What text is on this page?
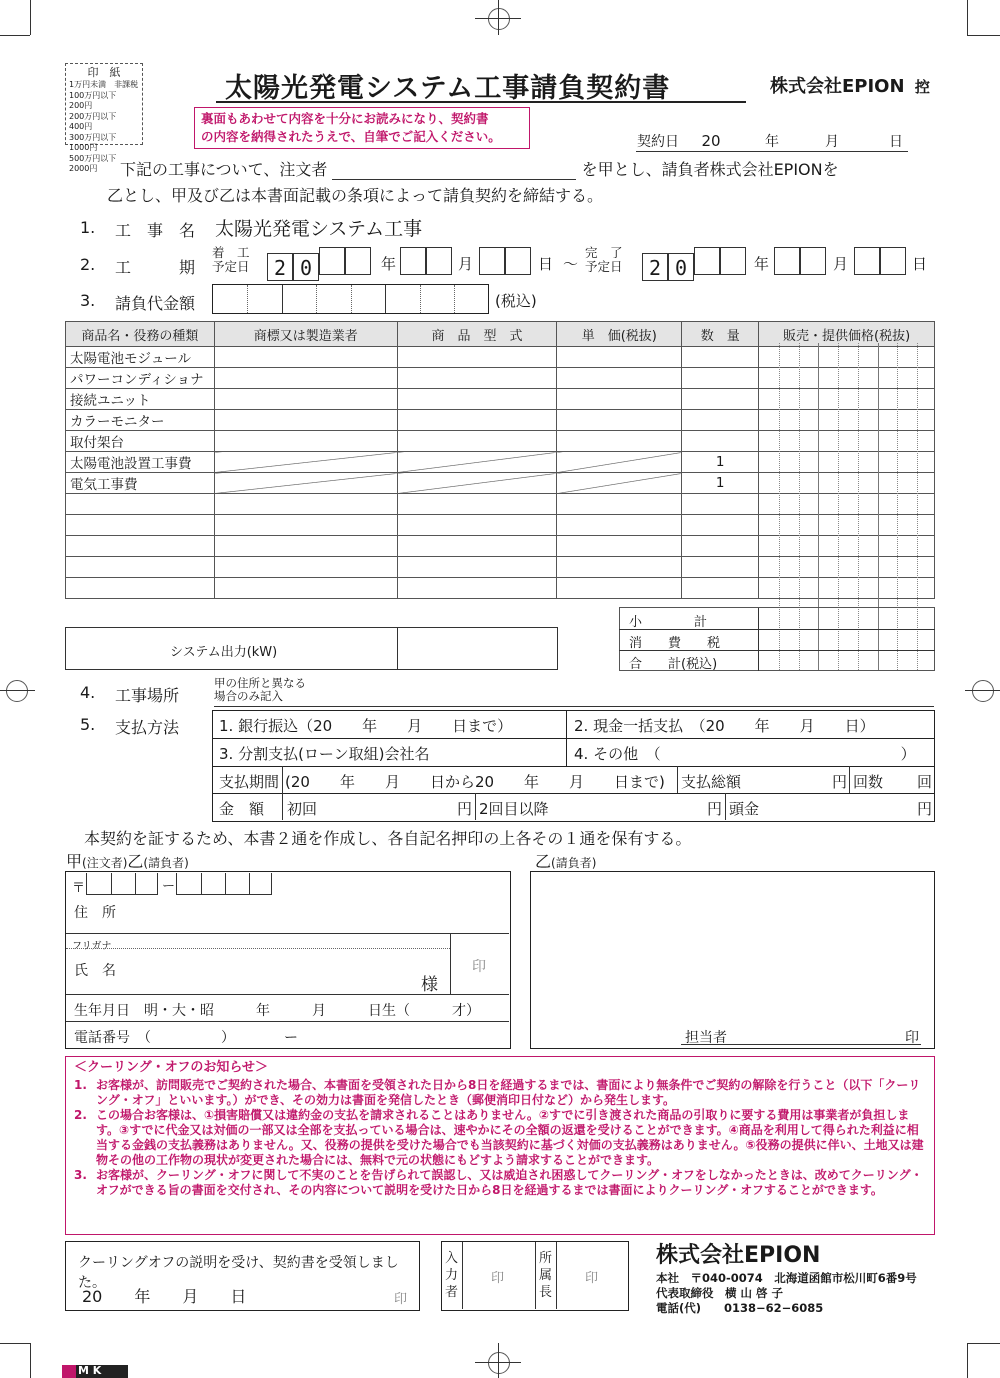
印　紙
1万円未満　非課税
100万円以下　200円
200万円以下　400円
300万円以下　1000円
500万円以下　2000円
太陽光発電システム工事請負契約書	株式会社EPION 控
裏面もあわせて内容を十分にお読みになり、契約書
の内容を納得されたうえで、自筆でご記入ください。	契約日 20	年	月	日
下記の工事について、注文者	を甲とし、請負者株式会社EPIONを
乙とし、甲及び乙は本書面記載の条項によって請負契約を締結する。
1. 工　事　名 太陽光発電システム工事
2. 工　　　期
着　工
予定日	2 0	年	月	日 ～
完　了
予定日	2 0	年	月	日
3. 請負代金額	(税込)
商品名・役務の種類	商標又は製造業者	商　品　型　式	単　価(税抜)	数　量	販売・提供価格(税抜)
太陽電池モジュール					
パワーコンディショナ					
接続ユニット					
カラーモニター					
取付架台					
太陽電池設置工事費				1	
電気工事費				1	

小　　　　計
消　　費　　税
合　　計(税込)
システム出力(kW)
4. 工事場所
甲の住所と異なる
場合のみ記入
5. 支払方法	1. 銀行振込（20　　年　　月　　日まで）	2. 現金一括支払　（20　　年　　月　　日）
3. 分割支払(ローン取組)会社名	4. その他　（　　　　　　　　　　　　　　　　）
支払期間 (20　　年　　月　　日から20　　年　　月　　日まで) 支払総額	円 回数 回
金　額 初回	円 2回目以降	円 頭金	円
本契約を証するため、本書２通を作成し、各自記名押印の上各その１通を保有する。
甲(注文者)乙(請負者)	乙(請負者)
〒	ー
住　所
フリガナ
氏　名
様
印
生年月日　明・大・昭　　　年　　　月　　　日生（　　　才）
電話番号　（　　　　　）　　　　ー	担当者	印
＜クーリング・オフのお知らせ＞
1. お客様が、訪問販売でご契約された場合、本書面を受領された日から8日を経過するまでは、書面により無条件でご契約の解除を行うこと（以下「クーリング・オフ」といいます。）ができ、その効力は書面を発信したとき（郵便消印日付など）から発生します。
2. この場合お客様は、①損害賠償又は違約金の支払を請求されることはありません。②すでに引き渡された商品の引取りに要する費用は事業者が負担します。③すでに代金又は対価の一部又は全部を支払っている場合は、速やかにその全額の返還を受けることができます。④商品を利用して得られた利益に相当する金銭の支払義務はありません。又、役務の提供を受けた場合でも当該契約に基づく対価の支払義務はありません。⑤役務の提供に伴い、土地又は建物その他の工作物の現状が変更された場合には、無料で元の状態にもどすよう請求することができます。
3. お客様が、クーリング・オフに関して不実のことを告げられて誤認し、又は威迫され困惑してクーリング・オフをしなかったときは、改めてクーリング・オフができる旨の書面を交付され、その内容について説明を受けた日から8日を経過するまでは書面によりクーリング・オフすることができます。
クーリングオフの説明を受け、契約書を受領しました。
20　　年　　月　　日	印
入力者
印
所属長
印
株式会社EPION
本社　〒040-0074　北海道函館市松川町6番9号
代表取締役　横 山 啓 子
電話(代)　　0138−62−6085
M K
